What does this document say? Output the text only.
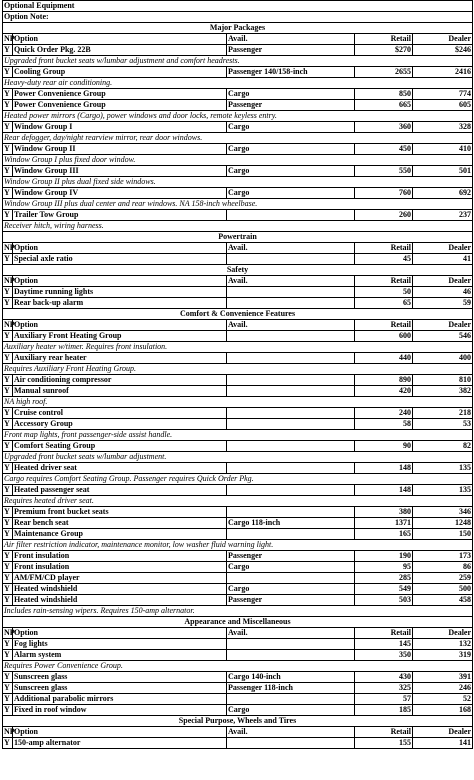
Optional Equipment				
Option Note:				
Major Packages				
NP	Option	Avail.	Retail	Dealer
Y	Quick Order Pkg. 22B	Passenger	$270	$246
Upgraded front bucket seats w/lumbar adjustment and comfort headrests.				
Y	Cooling Group	Passenger 140/158-inch	2655	2416
Heavy-duty rear air conditioning.				
Y	Power Convenience Group	Cargo	850	774
Y	Power Convenience Group	Passenger	665	605
Heated power mirrors (Cargo), power windows and door locks, remote keyless entry.				
Y	Window Group I	Cargo	360	328
Rear defogger, day/night rearview mirror, rear door windows.				
Y	Window Group II	Cargo	450	410
Window Group I plus fixed door window.				
Y	Window Group III	Cargo	550	501
Window Group II plus dual fixed side windows.				
Y	Window Group IV	Cargo	760	692
Window Group III plus dual center and rear windows. NA 158-inch wheelbase.				
Y	Trailer Tow Group		260	237
Receiver hitch, wiring harness.				
Powertrain				
NP	Option	Avail.	Retail	Dealer
Y	Special axle ratio		45	41
Safety				
NP	Option	Avail.	Retail	Dealer
Y	Daytime running lights		50	46
Y	Rear back-up alarm		65	59
Comfort & Convenience Features				
NP	Option	Avail.	Retail	Dealer
Y	Auxiliary Front Heating Group		600	546
Auxiliary heater w/timer. Requires front insulation.				
Y	Auxiliary rear heater		440	400
Requires Auxiliary Front Heating Group.				
Y	Air conditioning compressor		890	810
Y	Manual sunroof		420	382
NA high roof.				
Y	Cruise control		240	218
Y	Accessory Group		58	53
Front map lights, front passenger-side assist handle.				
Y	Comfort Seating Group		90	82
Upgraded front bucket seats w/lumbar adjustment.				
Y	Heated driver seat		148	135
Cargo requires Comfort Seating Group. Passenger requires Quick Order Pkg.				
Y	Heated passenger seat		148	135
Requires heated driver seat.				
Y	Premium front bucket seats		380	346
Y	Rear bench seat	Cargo 118-inch	1371	1248
Y	Maintenance Group		165	150
Air filter restriction indicator, maintenance monitor, low washer fluid warning light.				
Y	Front insulation	Passenger	190	173
Y	Front insulation	Cargo	95	86
Y	AM/FM/CD player		285	259
Y	Heated windshield	Cargo	549	500
Y	Heated windshield	Passenger	503	458
Includes rain-sensing wipers. Requires 150-amp alternator.				
Appearance and Miscellaneous				
NP	Option	Avail.	Retail	Dealer
Y	Fog lights		145	132
Y	Alarm system		350	319
Requires Power Convenience Group.				
Y	Sunscreen glass	Cargo 140-inch	430	391
Y	Sunscreen glass	Passenger 118-inch	325	246
Y	Additional parabolic mirrors		57	52
Y	Fixed in roof window	Cargo	185	168
Special Purpose, Wheels and Tires				
NP	Option	Avail.	Retail	Dealer
Y	150-amp alternator		155	141
